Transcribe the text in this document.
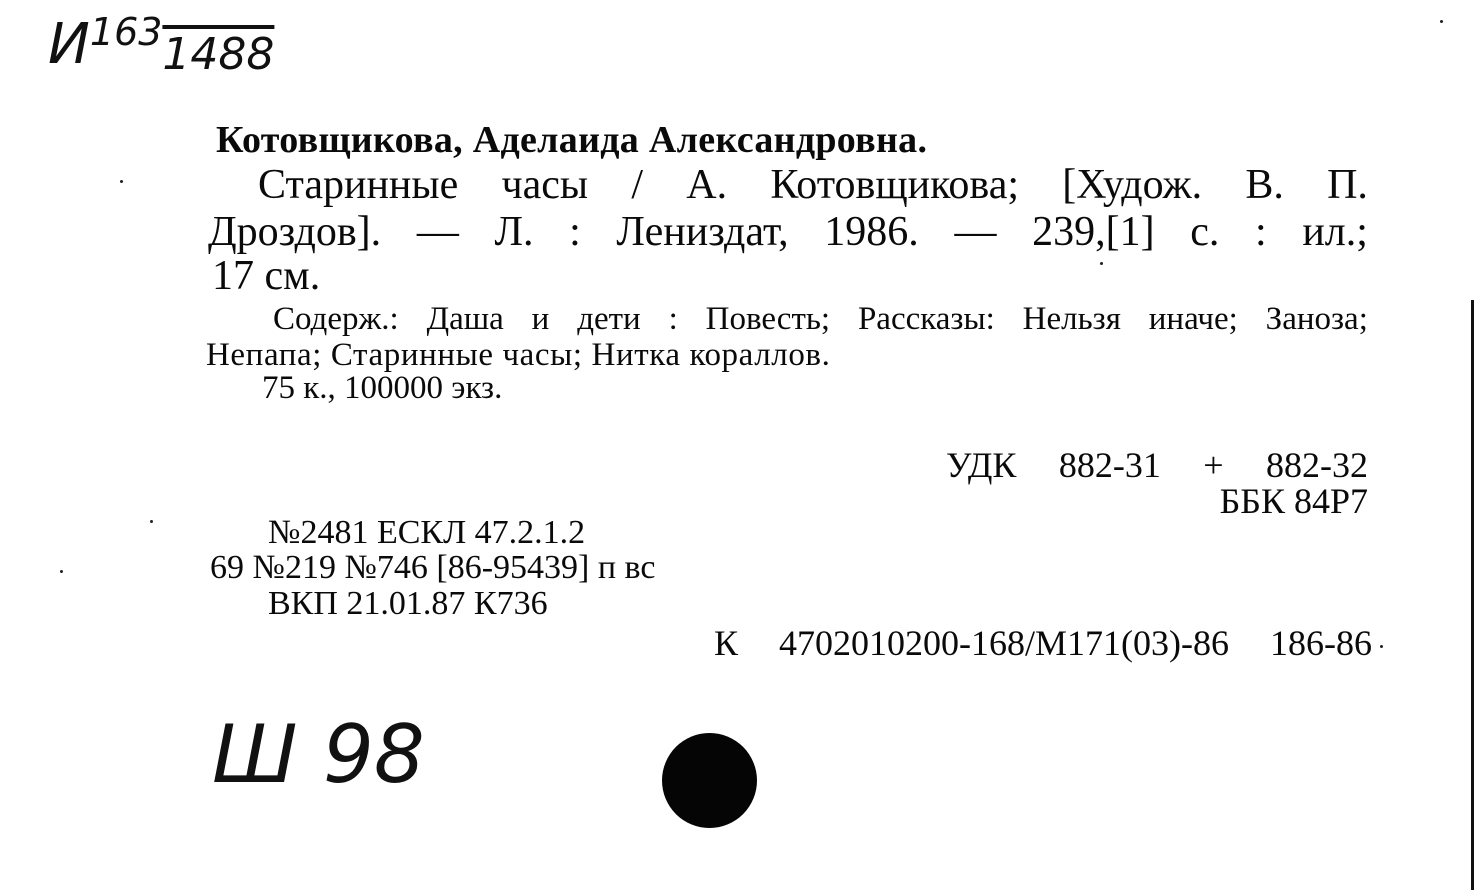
$И^{163}1488$
Котовщикова, Аделаида Александровна.
Старинные часы / А. Котовщикова; [Худож. В. П.
Дроздов]. — Л. : Лениздат, 1986. — 239,[1] с. : ил.;
17 см.
Содерж.: Даша и дети : Повесть; Рассказы: Нельзя иначе; Заноза;
Непапа; Старинные часы; Нитка кораллов.
75 к., 100000 экз.
УДК 882-31 + 882-32
ББК 84Р7
№2481 ЕСКЛ 47.2.1.2
69 №219 №746 [86-95439] п вс
ВКП 21.01.87 К736
К 4702010200-168/М171(03)-86 186-86
Ш 98
